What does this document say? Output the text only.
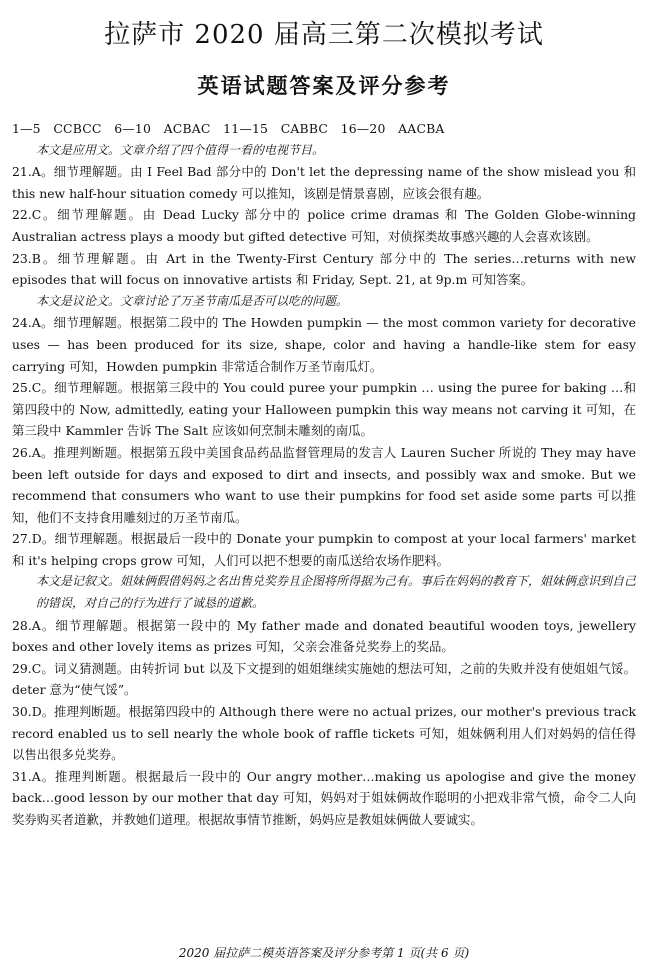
拉萨市 2020 届高三第二次模拟考试
英语试题答案及评分参考

1—5　CCBCC　6—10　ACBAC　11—15　CABBC　16—20　AACBA

本文是应用文。文章介绍了四个值得一看的电视节目。

21.A。细节理解题。由 I Feel Bad 部分中的 Don't let the depressing name of the show mislead you 和 this new half-hour situation comedy 可以推知，该剧是情景喜剧，应该会很有趣。

22.C。细节理解题。由 Dead Lucky 部分中的 police crime dramas 和 The Golden Globe-winning Australian actress plays a moody but gifted detective 可知，对侦探类故事感兴趣的人会喜欢该剧。

23.B。细节理解题。由 Art in the Twenty-First Century 部分中的 The series…returns with new episodes that will focus on innovative artists 和 Friday, Sept. 21, at 9p.m 可知答案。

本文是议论文。文章讨论了万圣节南瓜是否可以吃的问题。

24.A。细节理解题。根据第二段中的 The Howden pumpkin — the most common variety for decorative uses — has been produced for its size, shape, color and having a handle-like stem for easy carrying 可知，Howden pumpkin 非常适合制作万圣节南瓜灯。

25.C。细节理解题。根据第三段中的 You could puree your pumpkin … using the puree for baking …和第四段中的 Now, admittedly, eating your Halloween pumpkin this way means not carving it 可知，在第三段中 Kammler 告诉 The Salt 应该如何烹制未雕刻的南瓜。

26.A。推理判断题。根据第五段中美国食品药品监督管理局的发言人 Lauren Sucher 所说的 They may have been left outside for days and exposed to dirt and insects, and possibly wax and smoke. But we recommend that consumers who want to use their pumpkins for food set aside some parts 可以推知，他们不支持食用雕刻过的万圣节南瓜。

27.D。细节理解题。根据最后一段中的 Donate your pumpkin to compost at your local farmers' market 和 it's helping crops grow 可知，人们可以把不想要的南瓜送给农场作肥料。

本文是记叙文。姐妹俩假借妈妈之名出售兑奖券且企图将所得据为己有。事后在妈妈的教育下，姐妹俩意识到自己的错误，对自己的行为进行了诚恳的道歉。

28.A。细节理解题。根据第一段中的 My father made and donated beautiful wooden toys, jewellery boxes and other lovely items as prizes 可知，父亲会准备兑奖券上的奖品。

29.C。词义猜测题。由转折词 but 以及下文提到的姐姐继续实施她的想法可知，之前的失败并没有使姐姐气馁。deter 意为“使气馁”。

30.D。推理判断题。根据第四段中的 Although there were no actual prizes, our mother's previous track record enabled us to sell nearly the whole book of raffle tickets 可知，姐妹俩利用人们对妈妈的信任得以售出很多兑奖券。

31.A。推理判断题。根据最后一段中的 Our angry mother…making us apologise and give the money back…good lesson by our mother that day 可知，妈妈对于姐妹俩故作聪明的小把戏非常气愤，命令二人向奖券购买者道歉，并教她们道理。根据故事情节推断，妈妈应是教姐妹俩做人要诚实。

2020 届拉萨二模英语答案及评分参考第 1 页(共 6 页)
